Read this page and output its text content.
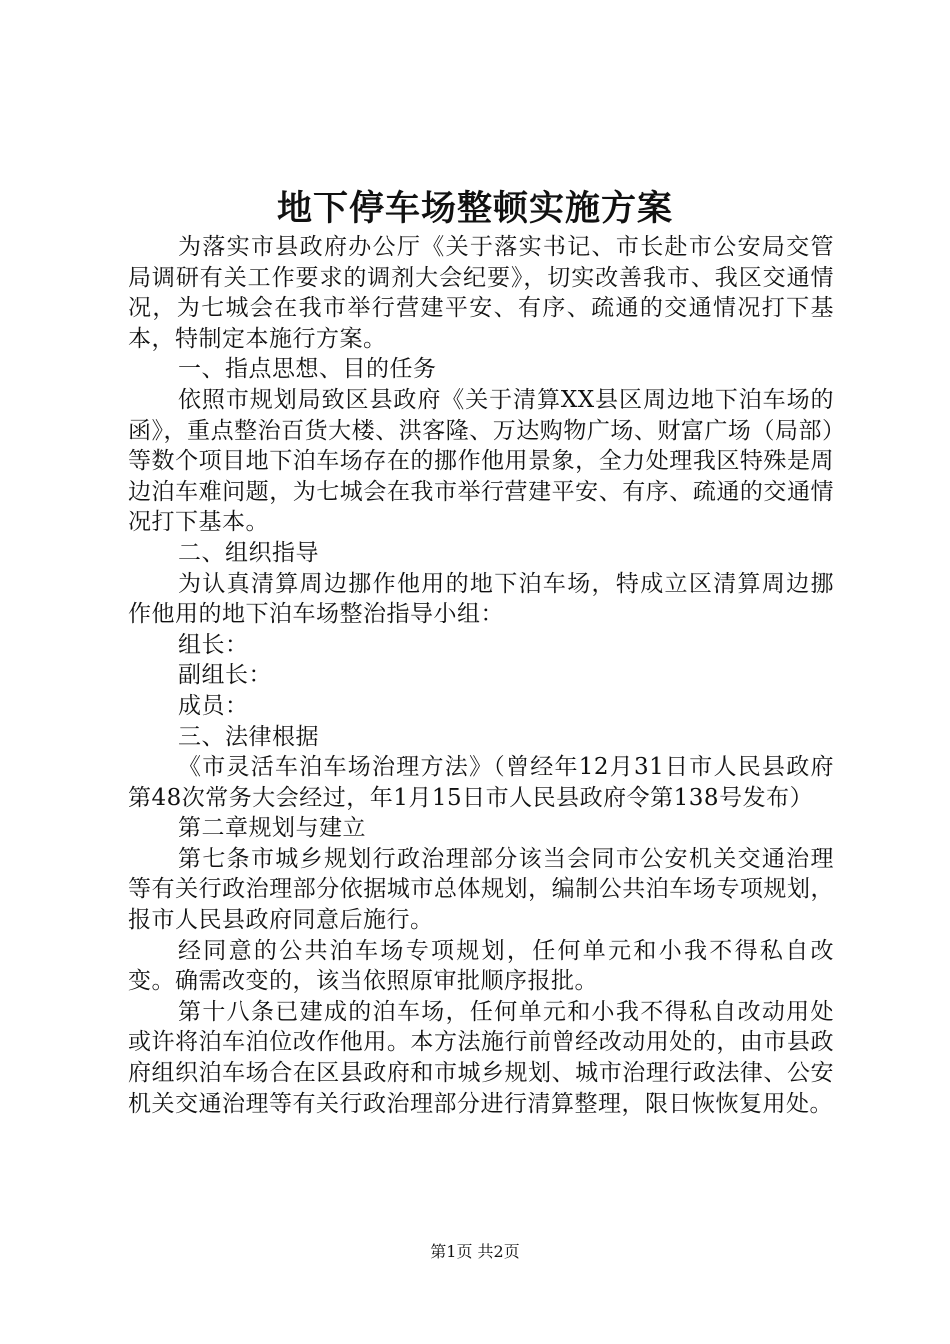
地下停车场整顿实施方案

为落实市县政府办公厅《关于落实书记、市长赴市公安局交管局调研有关工作要求的调剂大会纪要》，切实改善我市、我区交通情况，为七城会在我市举行营建平安、有序、疏通的交通情况打下基本，特制定本施行方案。

一、指点思想、目的任务

依照市规划局致区县政府《关于清算XX县区周边地下泊车场的函》，重点整治百货大楼、洪客隆、万达购物广场、财富广场（局部）等数个项目地下泊车场存在的挪作他用景象，全力处理我区特殊是周边泊车难问题，为七城会在我市举行营建平安、有序、疏通的交通情况打下基本。

二、组织指导

为认真清算周边挪作他用的地下泊车场，特成立区清算周边挪作他用的地下泊车场整治指导小组：

组长：

副组长：

成员：

三、法律根据

《市灵活车泊车场治理方法》（曾经年12月31日市人民县政府第48次常务大会经过，年1月15日市人民县政府令第138号发布）

第二章规划与建立

第七条市城乡规划行政治理部分该当会同市公安机关交通治理等有关行政治理部分依据城市总体规划，编制公共泊车场专项规划，报市人民县政府同意后施行。

经同意的公共泊车场专项规划，任何单元和小我不得私自改变。确需改变的，该当依照原审批顺序报批。

第十八条已建成的泊车场，任何单元和小我不得私自改动用处或许将泊车泊位改作他用。本方法施行前曾经改动用处的，由市县政府组织泊车场合在区县政府和市城乡规划、城市治理行政法律、公安机关交通治理等有关行政治理部分进行清算整理，限日恢恢复用处。

第1页 共2页
